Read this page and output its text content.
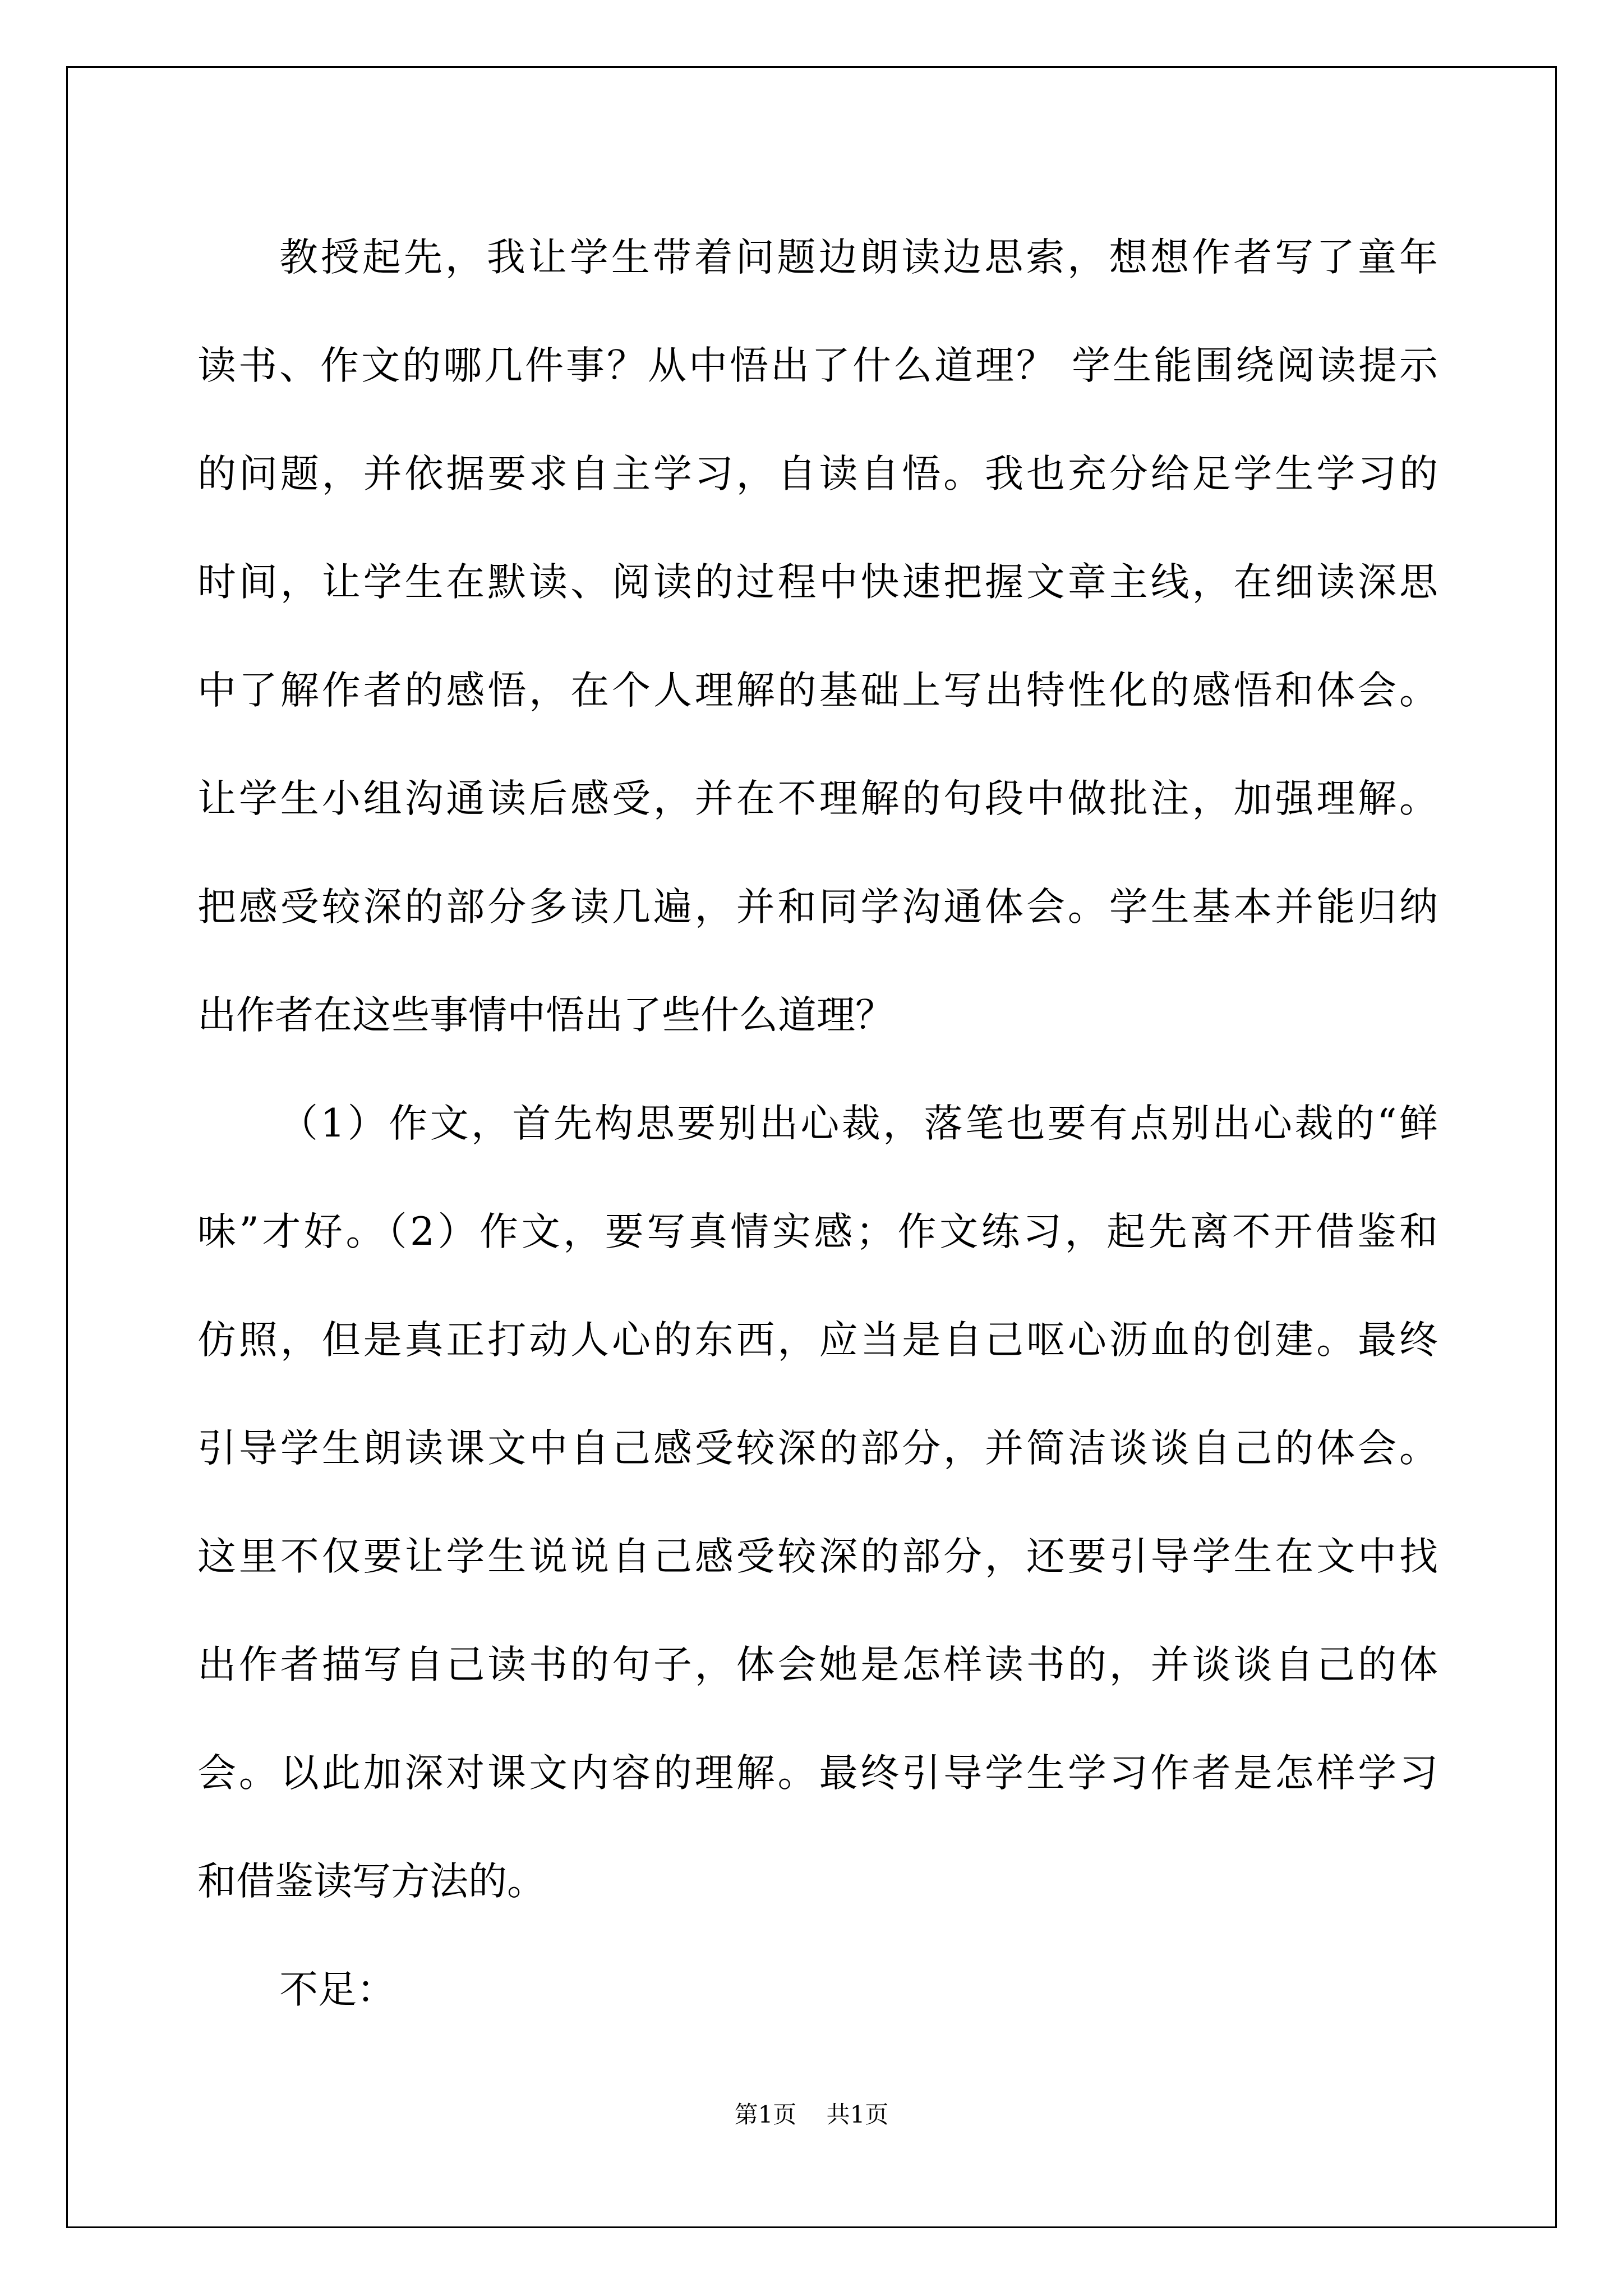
教授起先，我让学生带着问题边朗读边思索，想想作者写了童年
读书、作文的哪几件事？从中悟出了什么道理？ 学生能围绕阅读提示
的问题，并依据要求自主学习，自读自悟。我也充分给足学生学习的
时间，让学生在默读、阅读的过程中快速把握文章主线，在细读深思
中了解作者的感悟，在个人理解的基础上写出特性化的感悟和体会。
让学生小组沟通读后感受，并在不理解的句段中做批注，加强理解。
把感受较深的部分多读几遍，并和同学沟通体会。学生基本并能归纳
出作者在这些事情中悟出了些什么道理？
（1）作文，首先构思要别出心裁，落笔也要有点别出心裁的“鲜
味”才好。（2）作文，要写真情实感；作文练习，起先离不开借鉴和
仿照，但是真正打动人心的东西，应当是自己呕心沥血的创建。最终
引导学生朗读课文中自己感受较深的部分，并简洁谈谈自己的体会。
这里不仅要让学生说说自己感受较深的部分，还要引导学生在文中找
出作者描写自己读书的句子，体会她是怎样读书的，并谈谈自己的体
会。以此加深对课文内容的理解。最终引导学生学习作者是怎样学习
和借鉴读写方法的。
不足：
第1页 共1页
